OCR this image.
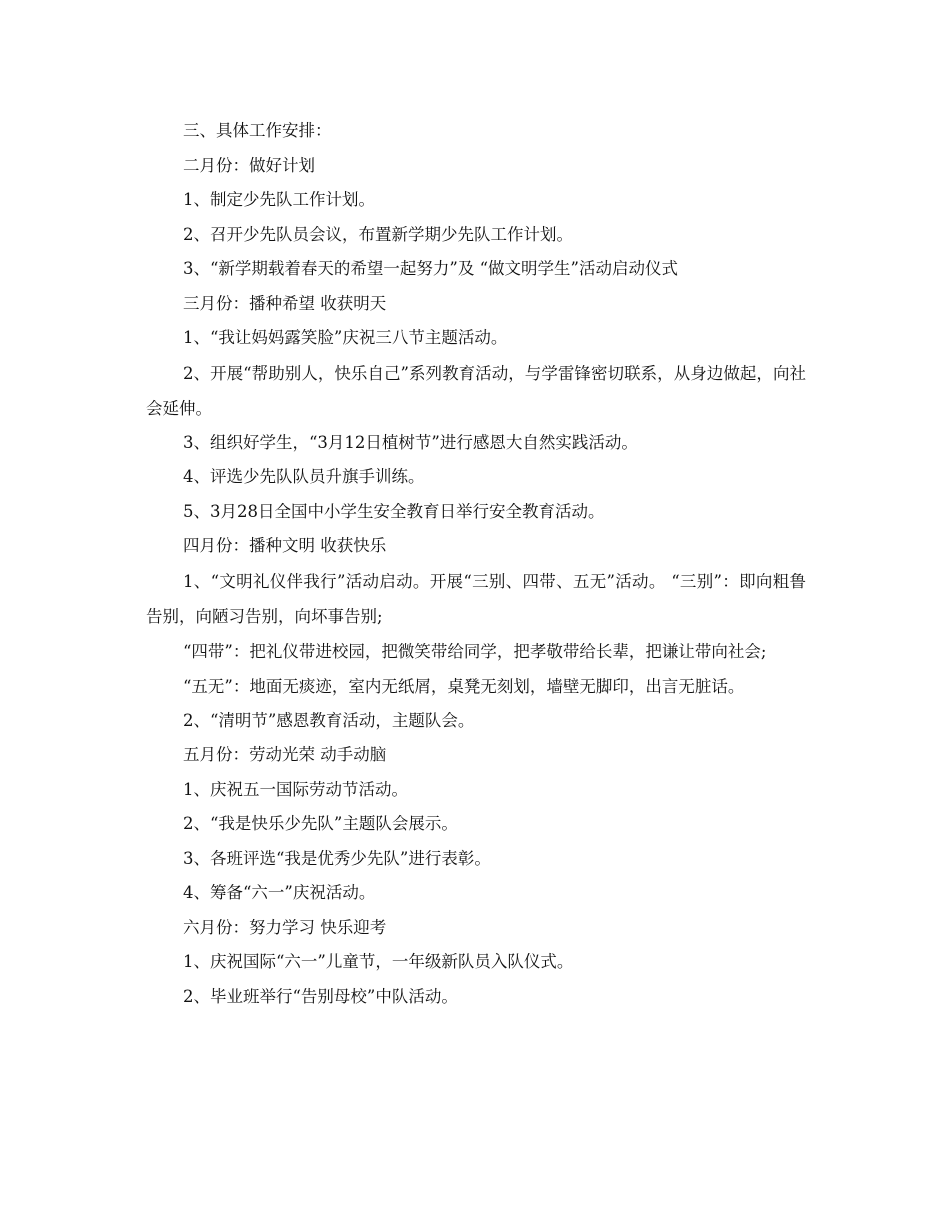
三、具体工作安排：

二月份：做好计划

1、制定少先队工作计划。

2、召开少先队员会议，布置新学期少先队工作计划。

3、“新学期载着春天的希望一起努力”及 “做文明学生”活动启动仪式

三月份：播种希望 收获明天

1、“我让妈妈露笑脸”庆祝三八节主题活动。

2、开展“帮助别人，快乐自己”系列教育活动，与学雷锋密切联系，从身边做起，向社会延伸。

3、组织好学生，“3月12日植树节”进行感恩大自然实践活动。

4、评选少先队队员升旗手训练。

5、3月28日全国中小学生安全教育日举行安全教育活动。

四月份：播种文明 收获快乐

1、“文明礼仪伴我行”活动启动。开展“三别、四带、五无”活动。 “三别”：即向粗鲁告别，向陋习告别，向坏事告别;

“四带”：把礼仪带进校园，把微笑带给同学，把孝敬带给长辈，把谦让带向社会;

“五无”：地面无痰迹，室内无纸屑，桌凳无刻划，墙壁无脚印，出言无脏话。

2、“清明节”感恩教育活动，主题队会。

五月份：劳动光荣 动手动脑

1、庆祝五一国际劳动节活动。

2、“我是快乐少先队”主题队会展示。

3、各班评选“我是优秀少先队”进行表彰。

4、筹备“六一”庆祝活动。

六月份：努力学习 快乐迎考

1、庆祝国际“六一”儿童节，一年级新队员入队仪式。

2、毕业班举行“告别母校”中队活动。
